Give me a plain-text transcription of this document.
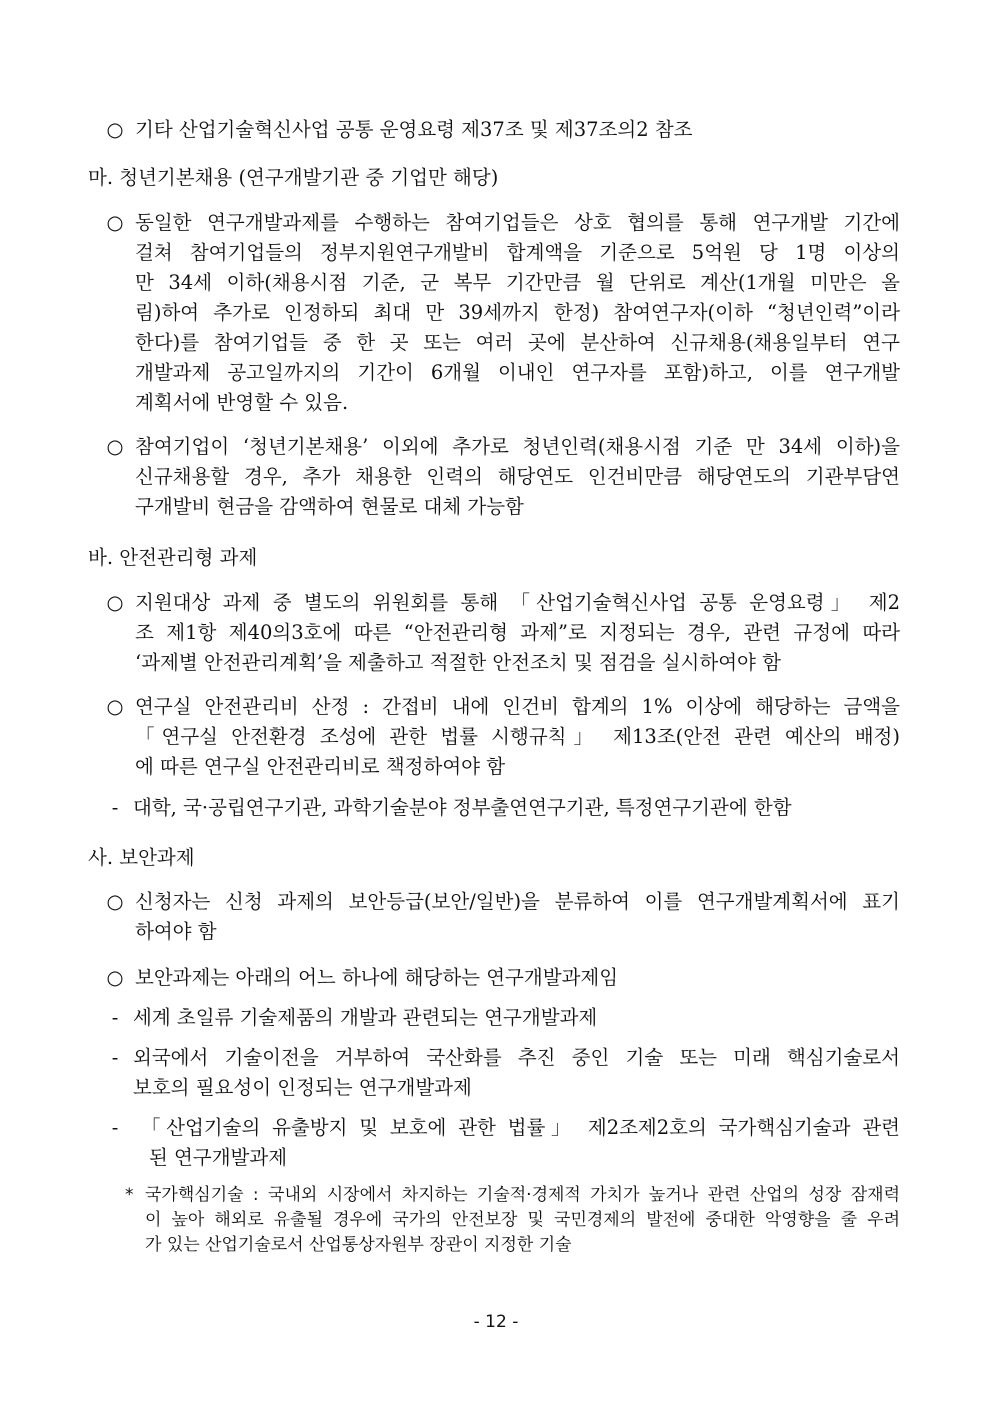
○ 기타 산업기술혁신사업 공통 운영요령 제37조 및 제37조의2 참조
마. 청년기본채용 (연구개발기관 중 기업만 해당)
○ 동일한 연구개발과제를 수행하는 참여기업들은 상호 협의를 통해 연구개발 기간에
걸쳐 참여기업들의 정부지원연구개발비 합계액을 기준으로 5억원 당 1명 이상의
만 34세 이하(채용시점 기준, 군 복무 기간만큼 월 단위로 계산(1개월 미만은 올
림)하여 추가로 인정하되 최대 만 39세까지 한정) 참여연구자(이하 “청년인력”이라
한다)를 참여기업들 중 한 곳 또는 여러 곳에 분산하여 신규채용(채용일부터 연구
개발과제 공고일까지의 기간이 6개월 이내인 연구자를 포함)하고, 이를 연구개발
계획서에 반영할 수 있음.
○ 참여기업이 ‘청년기본채용’ 이외에 추가로 청년인력(채용시점 기준 만 34세 이하)을
신규채용할 경우, 추가 채용한 인력의 해당연도 인건비만큼 해당연도의 기관부담연
구개발비 현금을 감액하여 현물로 대체 가능함
바. 안전관리형 과제
○ 지원대상 과제 중 별도의 위원회를 통해 「산업기술혁신사업 공통 운영요령」 제2
조 제1항 제40의3호에 따른 “안전관리형 과제”로 지정되는 경우, 관련 규정에 따라
‘과제별 안전관리계획’을 제출하고 적절한 안전조치 및 점검을 실시하여야 함
○ 연구실 안전관리비 산정 : 간접비 내에 인건비 합계의 1% 이상에 해당하는 금액을
「연구실 안전환경 조성에 관한 법률 시행규칙」 제13조(안전 관련 예산의 배정)
에 따른 연구실 안전관리비로 책정하여야 함
- 대학, 국·공립연구기관, 과학기술분야 정부출연연구기관, 특정연구기관에 한함
사. 보안과제
○ 신청자는 신청 과제의 보안등급(보안/일반)을 분류하여 이를 연구개발계획서에 표기
하여야 함
○ 보안과제는 아래의 어느 하나에 해당하는 연구개발과제임
- 세계 초일류 기술제품의 개발과 관련되는 연구개발과제
- 외국에서 기술이전을 거부하여 국산화를 추진 중인 기술 또는 미래 핵심기술로서
보호의 필요성이 인정되는 연구개발과제
-	「산업기술의 유출방지 및 보호에 관한 법률」 제2조제2호의 국가핵심기술과 관련
된 연구개발과제
* 국가핵심기술 : 국내외 시장에서 차지하는 기술적·경제적 가치가 높거나 관련 산업의 성장 잠재력
이 높아 해외로 유출될 경우에 국가의 안전보장 및 국민경제의 발전에 중대한 악영향을 줄 우려
가 있는 산업기술로서 산업통상자원부 장관이 지정한 기술
- 12 -
